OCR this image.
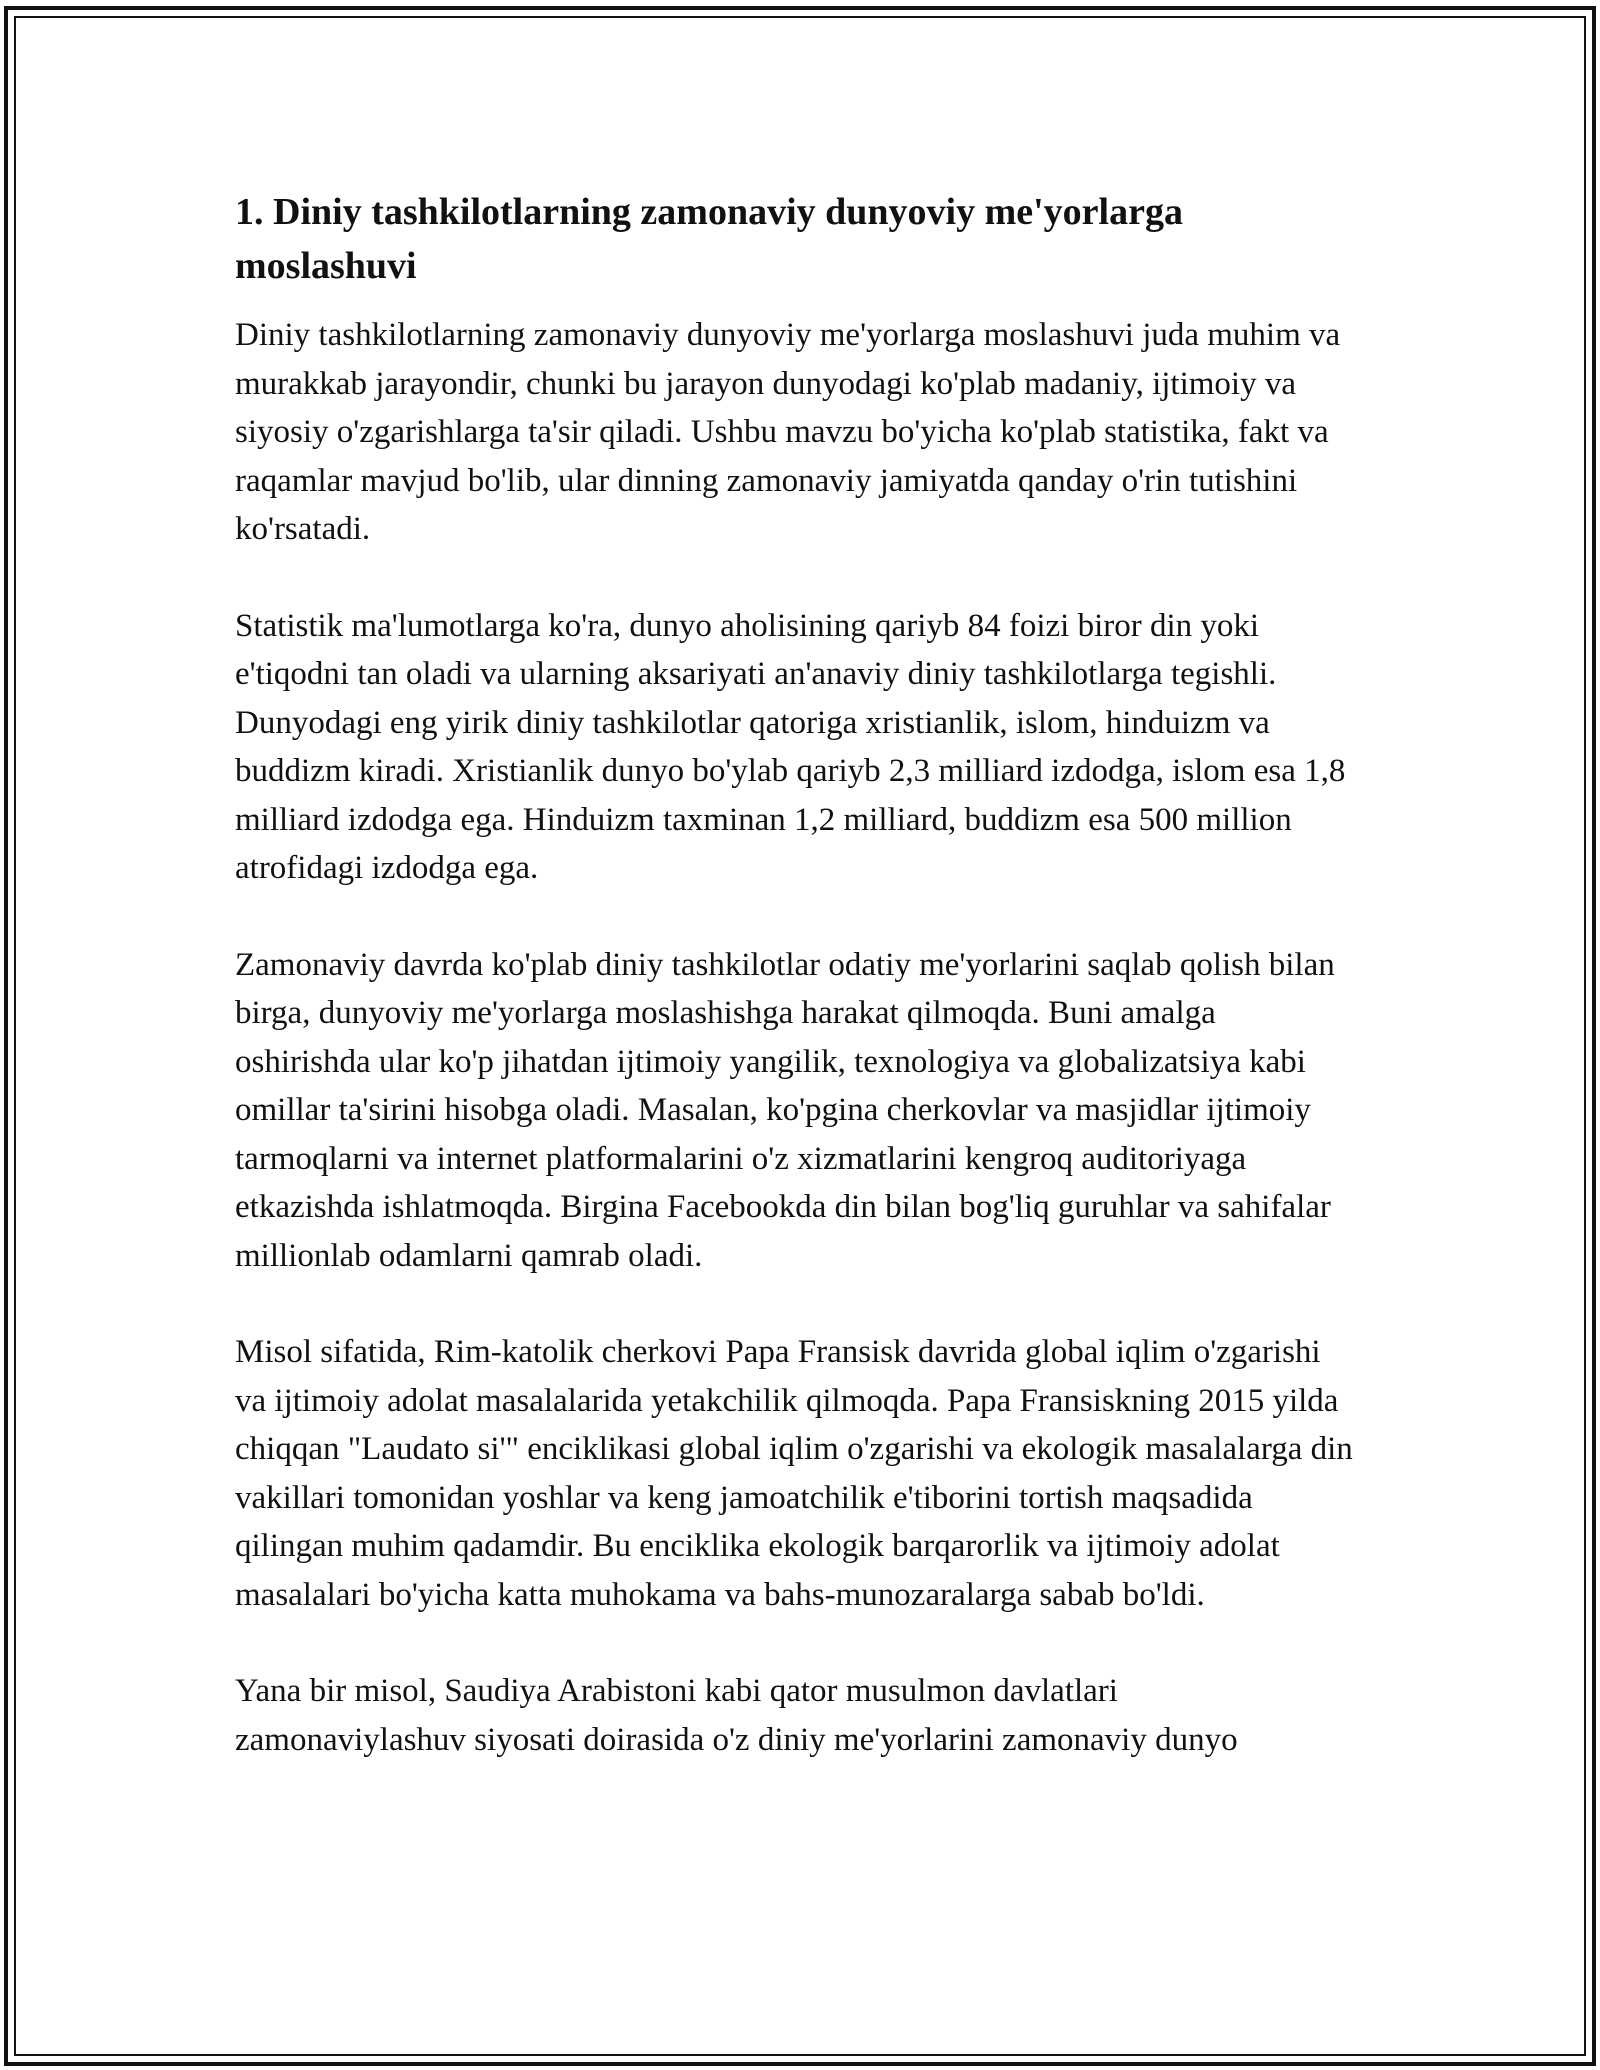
1. Diniy tashkilotlarning zamonaviy dunyoviy me'yorlarga moslashuvi

Diniy tashkilotlarning zamonaviy dunyoviy me'yorlarga moslashuvi juda muhim va murakkab jarayondir, chunki bu jarayon dunyodagi ko'plab madaniy, ijtimoiy va siyosiy o'zgarishlarga ta'sir qiladi. Ushbu mavzu bo'yicha ko'plab statistika, fakt va raqamlar mavjud bo'lib, ular dinning zamonaviy jamiyatda qanday o'rin tutishini ko'rsatadi.

Statistik ma'lumotlarga ko'ra, dunyo aholisining qariyb 84 foizi biror din yoki e'tiqodni tan oladi va ularning aksariyati an'anaviy diniy tashkilotlarga tegishli. Dunyodagi eng yirik diniy tashkilotlar qatoriga xristianlik, islom, hinduizm va buddizm kiradi. Xristianlik dunyo bo'ylab qariyb 2,3 milliard izdodga, islom esa 1,8 milliard izdodga ega. Hinduizm taxminan 1,2 milliard, buddizm esa 500 million atrofidagi izdodga ega.

Zamonaviy davrda ko'plab diniy tashkilotlar odatiy me'yorlarini saqlab qolish bilan birga, dunyoviy me'yorlarga moslashishga harakat qilmoqda. Buni amalga oshirishda ular ko'p jihatdan ijtimoiy yangilik, texnologiya va globalizatsiya kabi omillar ta'sirini hisobga oladi. Masalan, ko'pgina cherkovlar va masjidlar ijtimoiy tarmoqlarni va internet platformalarini o'z xizmatlarini kengroq auditoriyaga etkazishda ishlatmoqda. Birgina Facebookda din bilan bog'liq guruhlar va sahifalar millionlab odamlarni qamrab oladi.

Misol sifatida, Rim-katolik cherkovi Papa Fransisk davrida global iqlim o'zgarishi va ijtimoiy adolat masalalarida yetakchilik qilmoqda. Papa Fransiskning 2015 yilda chiqqan "Laudato si'" enciklikasi global iqlim o'zgarishi va ekologik masalalarga din vakillari tomonidan yoshlar va keng jamoatchilik e'tiborini tortish maqsadida qilingan muhim qadamdir. Bu enciklika ekologik barqarorlik va ijtimoiy adolat masalalari bo'yicha katta muhokama va bahs-munozaralarga sabab bo'ldi.

Yana bir misol, Saudiya Arabistoni kabi qator musulmon davlatlari zamonaviylashuv siyosati doirasida o'z diniy me'yorlarini zamonaviy dunyo
